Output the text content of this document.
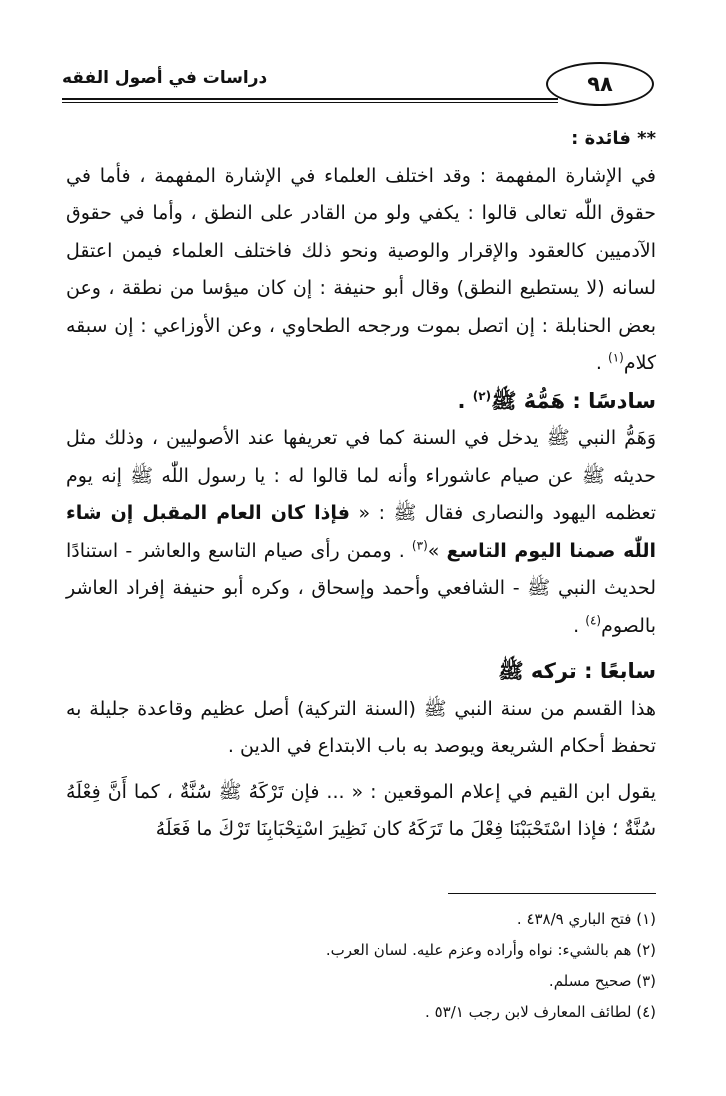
٩٨
دراسات في أصول الفقه

** فائدة :

في الإشارة المفهمة : وقد اختلف العلماء في الإشارة المفهمة ، فأما في حقوق اللّٰه تعالى قالوا : يكفي ولو من القادر على النطق ، وأما في حقوق الآدميين كالعقود والإقرار والوصية ونحو ذلك فاختلف العلماء فيمن اعتقل لسانه (لا يستطيع النطق) وقال أبو حنيفة : إن كان ميؤسا من نطقة ، وعن بعض الحنابلة : إن اتصل بموت ورجحه الطحاوي ، وعن الأوزاعي : إن سبقه كلام$^{(١)}$ .

سادسًا : هَمُّهُ ﷺ$^{(٢)}$ .

وَهَمُّ النبي ﷺ يدخل في السنة كما في تعريفها عند الأصوليين ، وذلك مثل حديثه ﷺ عن صيام عاشوراء وأنه لما قالوا له : يا رسول اللّٰه ﷺ إنه يوم تعظمه اليهود والنصارى فقال ﷺ : « فإذا كان العام المقبل إن شاء اللّٰه صمنا اليوم التاسع »$^{(٣)}$ . وممن رأى صيام التاسع والعاشر - استنادًا لحديث النبي ﷺ - الشافعي وأحمد وإسحاق ، وكره أبو حنيفة إفراد العاشر بالصوم$^{(٤)}$ .

سابعًا : تركه ﷺ

هذا القسم من سنة النبي ﷺ (السنة التركية) أصل عظيم وقاعدة جليلة به تحفظ أحكام الشريعة ويوصد به باب الابتداع في الدين .

يقول ابن القيم في إعلام الموقعين : « ... فإن تَرْكَهُ ﷺ سُنَّةٌ ، كما أَنَّ فِعْلَهُ سُنَّةٌ ؛ فإذا اسْتَحْبَبْنَا فِعْلَ ما تَرَكَهُ كان نَظِيرَ اسْتِحْبَابِنَا تَرْكَ ما فَعَلَهُ

(١) فتح الباري ٤٣٨/٩ .

(٢) هم بالشيء: نواه وأراده وعزم عليه. لسان العرب.

(٣) صحيح مسلم.

(٤) لطائف المعارف لابن رجب ٥٣/١ .
